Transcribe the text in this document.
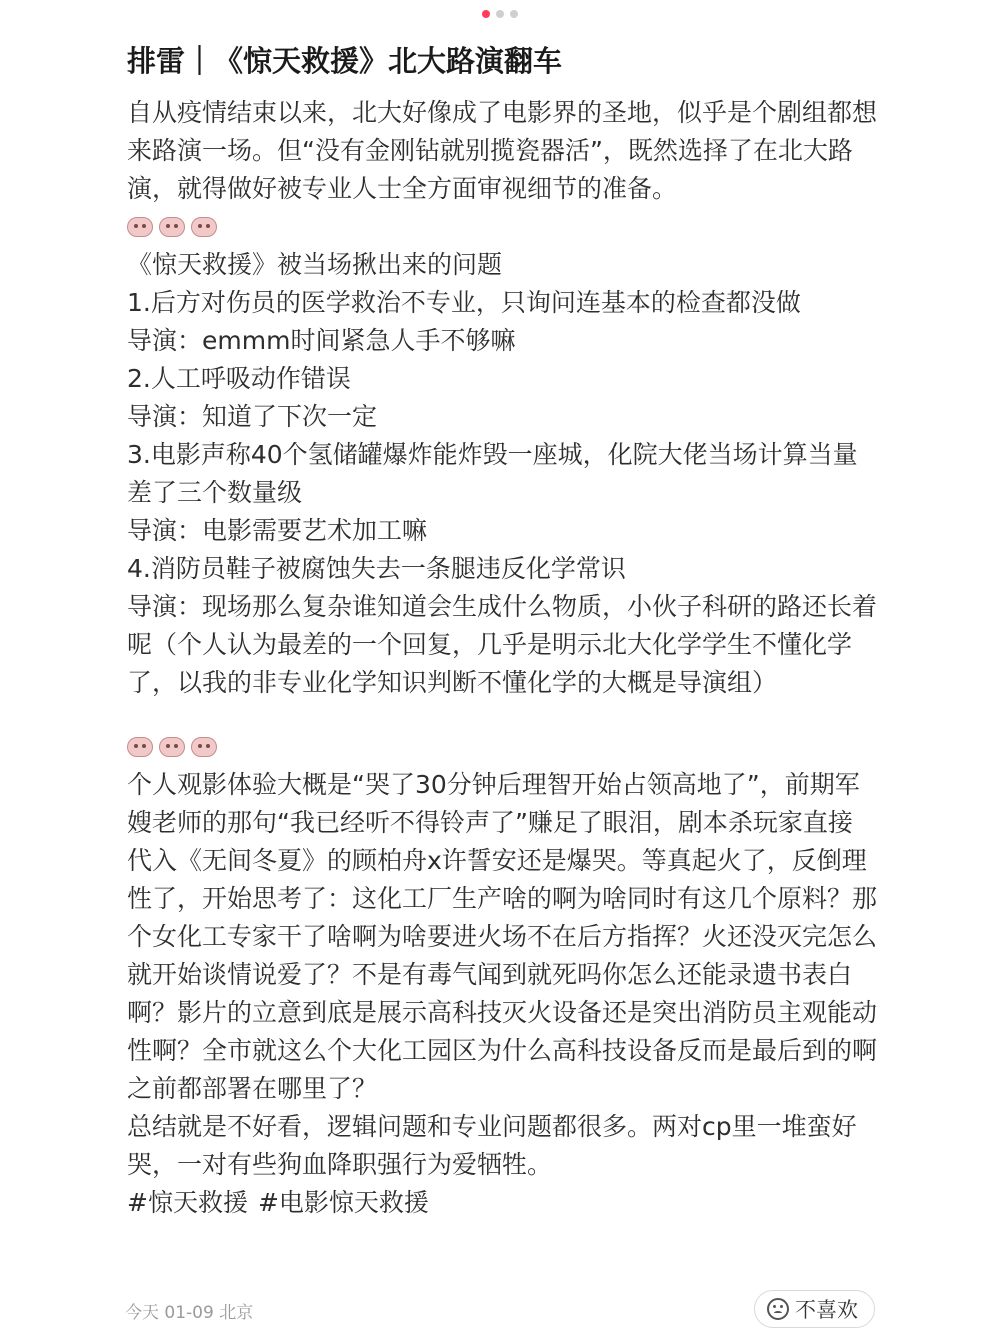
排雷｜《惊天救援》北大路演翻车

自从疫情结束以来，北大好像成了电影界的圣地，似乎是个剧组都想来路演一场。但“没有金刚钻就别揽瓷器活”，既然选择了在北大路演，就得做好被专业人士全方面审视细节的准备。

《惊天救援》被当场揪出来的问题

1.后方对伤员的医学救治不专业，只询问连基本的检查都没做

导演：emmm时间紧急人手不够嘛

2.人工呼吸动作错误

导演：知道了下次一定

3.电影声称40个氢储罐爆炸能炸毁一座城，化院大佬当场计算当量差了三个数量级

导演：电影需要艺术加工嘛

4.消防员鞋子被腐蚀失去一条腿违反化学常识

导演：现场那么复杂谁知道会生成什么物质，小伙子科研的路还长着呢（个人认为最差的一个回复，几乎是明示北大化学学生不懂化学了，以我的非专业化学知识判断不懂化学的大概是导演组）

个人观影体验大概是“哭了30分钟后理智开始占领高地了”，前期军嫂老师的那句“我已经听不得铃声了”赚足了眼泪，剧本杀玩家直接代入《无间冬夏》的顾柏舟x许誓安还是爆哭。等真起火了，反倒理性了，开始思考了：这化工厂生产啥的啊为啥同时有这几个原料？那个女化工专家干了啥啊为啥要进火场不在后方指挥？火还没灭完怎么就开始谈情说爱了？不是有毒气闻到就死吗你怎么还能录遗书表白啊？影片的立意到底是展示高科技灭火设备还是突出消防员主观能动性啊？全市就这么个大化工园区为什么高科技设备反而是最后到的啊之前都部署在哪里了？

总结就是不好看，逻辑问题和专业问题都很多。两对cp里一堆蛮好哭，一对有些狗血降职强行为爱牺牲。

#惊天救援 #电影惊天救援
今天 01-09 北京	不喜欢
